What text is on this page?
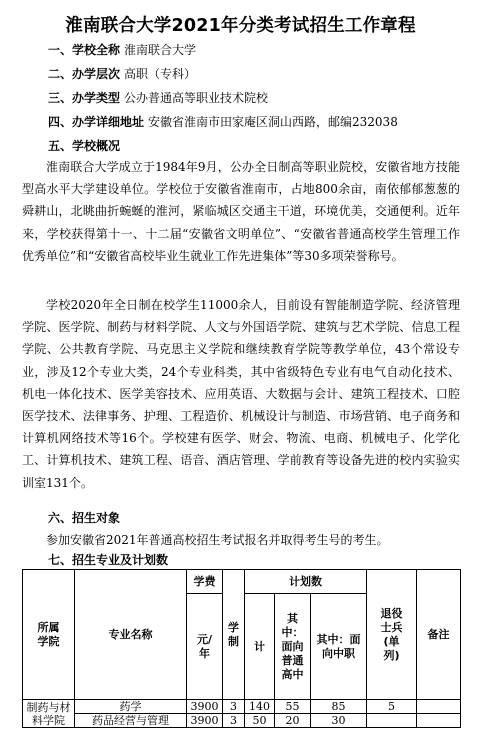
淮南联合大学2021年分类考试招生工作章程
一、学校全称 淮南联合大学
二、办学层次 高职（专科）
三、办学类型 公办普通高等职业技术院校
四、办学详细地址 安徽省淮南市田家庵区洞山西路，邮编232038
五、学校概况

淮南联合大学成立于1984年9月，公办全日制高等职业院校，安徽省地方技能型高水平大学建设单位。学校位于安徽省淮南市，占地800余亩，南依郁郁葱葱的舜耕山，北眺曲折蜿蜒的淮河，紧临城区交通主干道，环境优美，交通便利。近年来，学校获得第十一、十二届“安徽省文明单位”、“安徽省普通高校学生管理工作优秀单位”和“安徽省高校毕业生就业工作先进集体”等30多项荣誉称号。

学校2020年全日制在校学生11000余人，目前设有智能制造学院、经济管理学院、医学院、制药与材料学院、人文与外国语学院、建筑与艺术学院、信息工程学院、公共教育学院、马克思主义学院和继续教育学院等教学单位，43个常设专业，涉及12个专业大类，24个专业科类，其中省级特色专业有电气自动化技术、机电一体化技术、医学美容技术、应用英语、大数据与会计、建筑工程技术、口腔医学技术、法律事务、护理、工程造价、机械设计与制造、市场营销、电子商务和计算机网络技术等16个。学校建有医学、财会、物流、电商、机械电子、化学化工、计算机技术、建筑工程、语音、酒店管理、学前教育等设备先进的校内实验实训室131个。

六、招生对象
参加安徽省2021年普通高校招生考试报名并取得考生号的考生。
七、招生专业及计划数
所属学院	专业名称	学费	学制	计划数			退役士兵(单列)	备注
		元/年		计	其中：面向普通高中	其中：面向中职		

制药与材料学院	药学	3900	3	140	55	85	5	
	药品经营与管理	3900	3	50	20	30		
